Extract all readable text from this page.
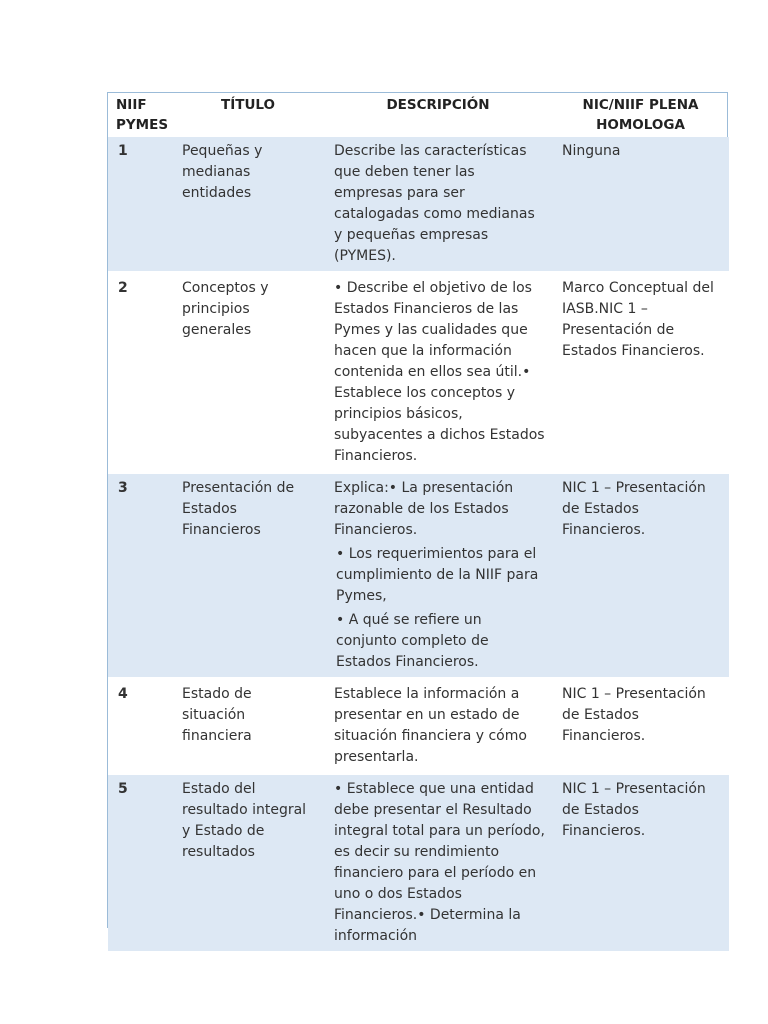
NIIF PYMES	TÍTULO	DESCRIPCIÓN	NIC/NIIF PLENA HOMOLOGA
1	Pequeñas y medianas entidades	Describe las características que deben tener las empresas para ser catalogadas como medianas y pequeñas empresas (PYMES).	Ninguna
2	Conceptos y principios generales	• Describe el objetivo de los Estados Financieros de las Pymes y las cualidades que hacen que la información contenida en ellos sea útil.• Establece los conceptos y principios básicos, subyacentes a dichos Estados Financieros.	Marco Conceptual del IASB.NIC 1 – Presentación de Estados Financieros.
3	Presentación de Estados Financieros	Explica:• La presentación razonable de los Estados Financieros.
• Los requerimientos para el cumplimiento de la NIIF para Pymes,
• A qué se refiere un conjunto completo de Estados Financieros.	NIC 1 – Presentación de Estados Financieros.
4	Estado de situación financiera	Establece la información a presentar en un estado de situación financiera y cómo presentarla.	NIC 1 – Presentación de Estados Financieros.
5	Estado del resultado integral y Estado de resultados	• Establece que una entidad debe presentar el Resultado integral total para un período, es decir su rendimiento financiero para el período en uno o dos Estados Financieros.• Determina la información	NIC 1 – Presentación de Estados Financieros.
